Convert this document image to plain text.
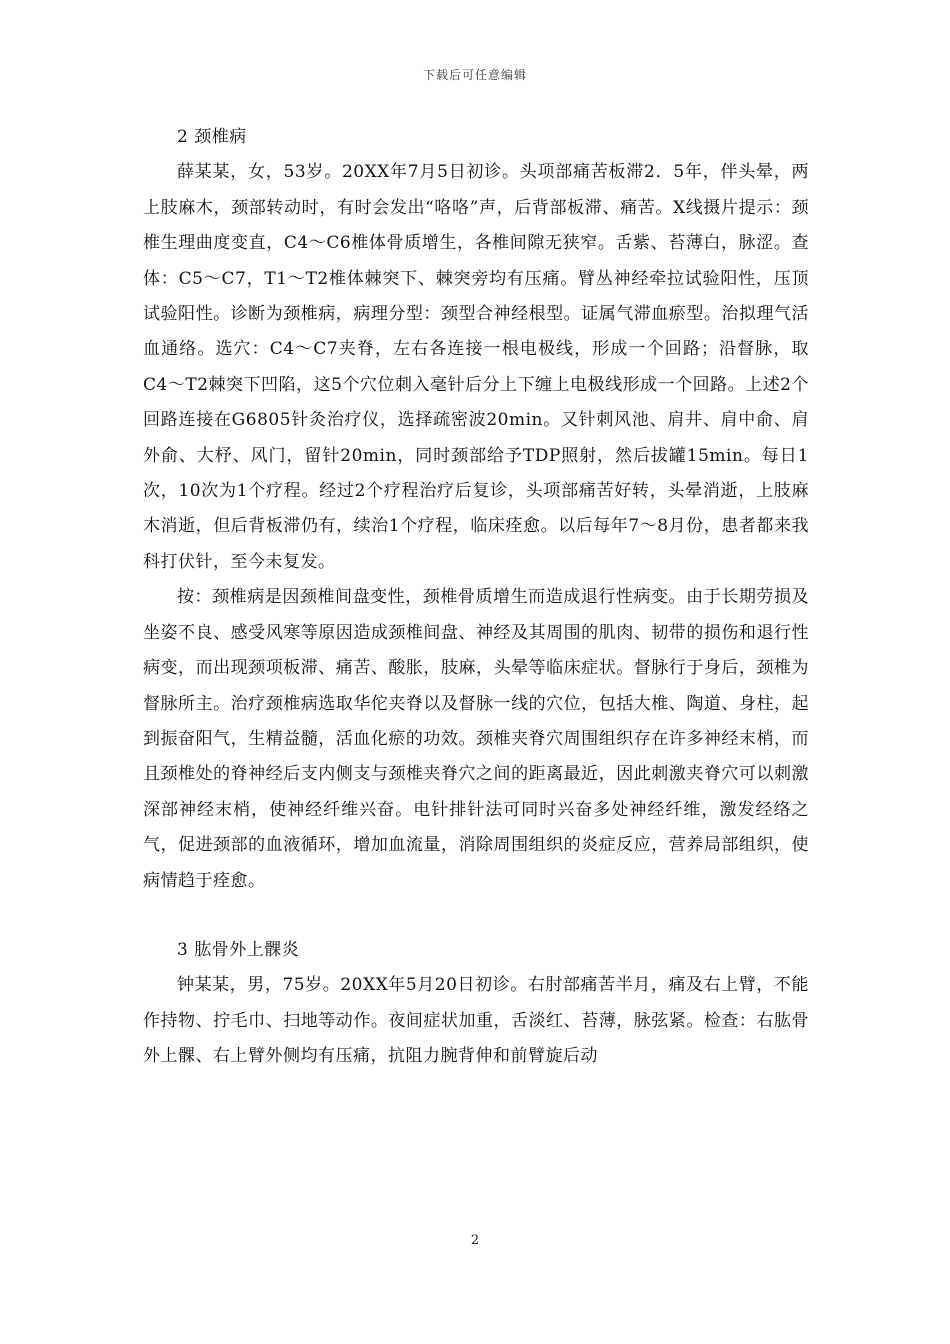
下载后可任意编辑

2 颈椎病

薛某某，女，53岁。20XX年7月5日初诊。头项部痛苦板滞2．5年，伴头晕，两上肢麻木，颈部转动时，有时会发出“咯咯”声，后背部板滞、痛苦。X线摄片提示：颈椎生理曲度变直，C4～C6椎体骨质增生，各椎间隙无狭窄。舌紫、苔薄白，脉涩。查体：C5～C7，T1～T2椎体棘突下、棘突旁均有压痛。臂丛神经牵拉试验阳性，压顶试验阳性。诊断为颈椎病，病理分型：颈型合神经根型。证属气滞血瘀型。治拟理气活血通络。选穴：C4～C7夹脊，左右各连接一根电极线，形成一个回路；沿督脉，取C4～T2棘突下凹陷，这5个穴位刺入毫针后分上下缠上电极线形成一个回路。上述2个回路连接在G6805针灸治疗仪，选择疏密波20min。又针刺风池、肩井、肩中俞、肩外俞、大杼、风门，留针20min，同时颈部给予TDP照射，然后拔罐15min。每日1次，10次为1个疗程。经过2个疗程治疗后复诊，头项部痛苦好转，头晕消逝，上肢麻木消逝，但后背板滞仍有，续治1个疗程，临床痊愈。以后每年7～8月份，患者都来我科打伏针，至今未复发。

按：颈椎病是因颈椎间盘变性，颈椎骨质增生而造成退行性病变。由于长期劳损及坐姿不良、感受风寒等原因造成颈椎间盘、神经及其周围的肌肉、韧带的损伤和退行性病变，而出现颈项板滞、痛苦、酸胀，肢麻，头晕等临床症状。督脉行于身后，颈椎为督脉所主。治疗颈椎病选取华佗夹脊以及督脉一线的穴位，包括大椎、陶道、身柱，起到振奋阳气，生精益髓，活血化瘀的功效。颈椎夹脊穴周围组织存在许多神经末梢，而且颈椎处的脊神经后支内侧支与颈椎夹脊穴之间的距离最近，因此刺激夹脊穴可以刺激深部神经末梢，使神经纤维兴奋。电针排针法可同时兴奋多处神经纤维，激发经络之气，促进颈部的血液循环，增加血流量，消除周围组织的炎症反应，营养局部组织，使病情趋于痊愈。

3 肱骨外上髁炎

钟某某，男，75岁。20XX年5月20日初诊。右肘部痛苦半月，痛及右上臂，不能作持物、拧毛巾、扫地等动作。夜间症状加重，舌淡红、苔薄，脉弦紧。检查：右肱骨外上髁、右上臂外侧均有压痛，抗阻力腕背伸和前臂旋后动

2
